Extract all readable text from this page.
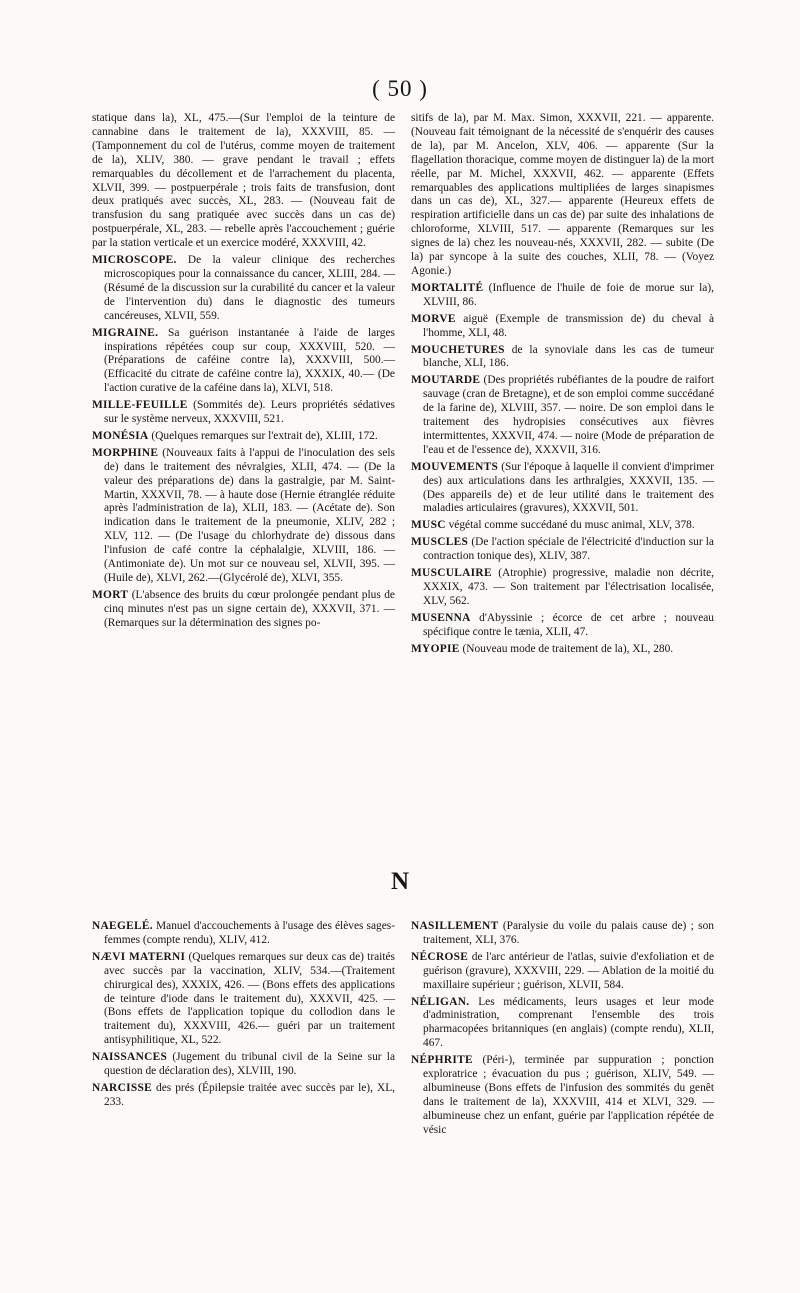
( 50 )

statique dans la), XL, 475.—(Sur l'emploi de la teinture de cannabine dans le traitement de la), XXXVIII, 85. — (Tamponnement du col de l'utérus, comme moyen de traitement de la), XLIV, 380. — grave pendant le travail ; effets remarquables du décollement et de l'arrachement du placenta, XLVII, 399. — postpuerpérale ; trois faits de transfusion, dont deux pratiqués avec succès, XL, 283. — (Nouveau fait de transfusion du sang pratiquée avec succès dans un cas de) postpuerpérale, XL, 283. — rebelle après l'accouchement ; guérie par la station verticale et un exercice modéré, XXXVIII, 42.

MICROSCOPE. De la valeur clinique des recherches microscopiques pour la connaissance du cancer, XLIII, 284. — (Résumé de la discussion sur la curabilité du cancer et la valeur de l'intervention du) dans le diagnostic des tumeurs cancéreuses, XLVII, 559.

MIGRAINE. Sa guérison instantanée à l'aide de larges inspirations répétées coup sur coup, XXXVIII, 520. — (Préparations de caféine contre la), XXXVIII, 500.—(Efficacité du citrate de caféine contre la), XXXIX, 40.— (De l'action curative de la caféine dans la), XLVI, 518.

MILLE-FEUILLE (Sommités de). Leurs propriétés sédatives sur le système nerveux, XXXVIII, 521.

MONÉSIA (Quelques remarques sur l'extrait de), XLIII, 172.

MORPHINE (Nouveaux faits à l'appui de l'inoculation des sels de) dans le traitement des névralgies, XLII, 474. — (De la valeur des préparations de) dans la gastralgie, par M. Saint-Martin, XXXVII, 78. — à haute dose (Hernie étranglée réduite après l'administration de la), XLII, 183. — (Acétate de). Son indication dans le traitement de la pneumonie, XLIV, 282 ; XLV, 112. — (De l'usage du chlorhydrate de) dissous dans l'infusion de café contre la céphalalgie, XLVIII, 186. — (Antimoniate de). Un mot sur ce nouveau sel, XLVII, 395. — (Huile de), XLVI, 262.—(Glycérolé de), XLVI, 355.

MORT (L'absence des bruits du cœur prolongée pendant plus de cinq minutes n'est pas un signe certain de), XXXVII, 371. — (Remarques sur la détermination des signes po-

sitifs de la), par M. Max. Simon, XXXVII, 221. — apparente. (Nouveau fait témoignant de la nécessité de s'enquérir des causes de la), par M. Ancelon, XLV, 406. — apparente (Sur la flagellation thoracique, comme moyen de distinguer la) de la mort réelle, par M. Michel, XXXVII, 462. — apparente (Effets remarquables des applications multipliées de larges sinapismes dans un cas de), XL, 327.— apparente (Heureux effets de respiration artificielle dans un cas de) par suite des inhalations de chloroforme, XLVIII, 517. — apparente (Remarques sur les signes de la) chez les nouveau-nés, XXXVII, 282. — subite (De la) par syncope à la suite des couches, XLII, 78. — (Voyez Agonie.)

MORTALITÉ (Influence de l'huile de foie de morue sur la), XLVIII, 86.

MORVE aiguë (Exemple de transmission de) du cheval à l'homme, XLI, 48.

MOUCHETURES de la synoviale dans les cas de tumeur blanche, XLI, 186.

MOUTARDE (Des propriétés rubéfiantes de la poudre de raifort sauvage (cran de Bretagne), et de son emploi comme succédané de la farine de), XLVIII, 357. — noire. De son emploi dans le traitement des hydropisies consécutives aux fièvres intermittentes, XXXVII, 474. — noire (Mode de préparation de l'eau et de l'essence de), XXXVII, 316.

MOUVEMENTS (Sur l'époque à laquelle il convient d'imprimer des) aux articulations dans les arthralgies, XXXVII, 135. — (Des appareils de) et de leur utilité dans le traitement des maladies articulaires (gravures), XXXVII, 501.

MUSC végétal comme succédané du musc animal, XLV, 378.

MUSCLES (De l'action spéciale de l'électricité d'induction sur la contraction tonique des), XLIV, 387.

MUSCULAIRE (Atrophie) progressive, maladie non décrite, XXXIX, 473. — Son traitement par l'électrisation localisée, XLV, 562.

MUSENNA d'Abyssinie ; écorce de cet arbre ; nouveau spécifique contre le tænia, XLII, 47.

MYOPIE (Nouveau mode de traitement de la), XL, 280.

N

NAEGELÉ. Manuel d'accouchements à l'usage des élèves sages-femmes (compte rendu), XLIV, 412.

NÆVI MATERNI (Quelques remarques sur deux cas de) traités avec succès par la vaccination, XLIV, 534.—(Traitement chirurgical des), XXXIX, 426. — (Bons effets des applications de teinture d'iode dans le traitement du), XXXVII, 425. — (Bons effets de l'application topique du collodion dans le traitement du), XXXVIII, 426.— guéri par un traitement antisyphilitique, XL, 522.

NAISSANCES (Jugement du tribunal civil de la Seine sur la question de déclaration des), XLVIII, 190.

NARCISSE des prés (Épilepsie traitée avec succès par le), XL, 233.

NASILLEMENT (Paralysie du voile du palais cause de) ; son traitement, XLI, 376.

NÉCROSE de l'arc antérieur de l'atlas, suivie d'exfoliation et de guérison (gravure), XXXVIII, 229. — Ablation de la moitié du maxillaire supérieur ; guérison, XLVII, 584.

NÉLIGAN. Les médicaments, leurs usages et leur mode d'administration, comprenant l'ensemble des trois pharmacopées britanniques (en anglais) (compte rendu), XLII, 467.

NÉPHRITE (Péri-), terminée par suppuration ; ponction exploratrice ; évacuation du pus ; guérison, XLIV, 549. — albumineuse (Bons effets de l'infusion des sommités du genêt dans le traitement de la), XXXVIII, 414 et XLVI, 329. — albumineuse chez un enfant, guérie par l'application répétée de vésic
